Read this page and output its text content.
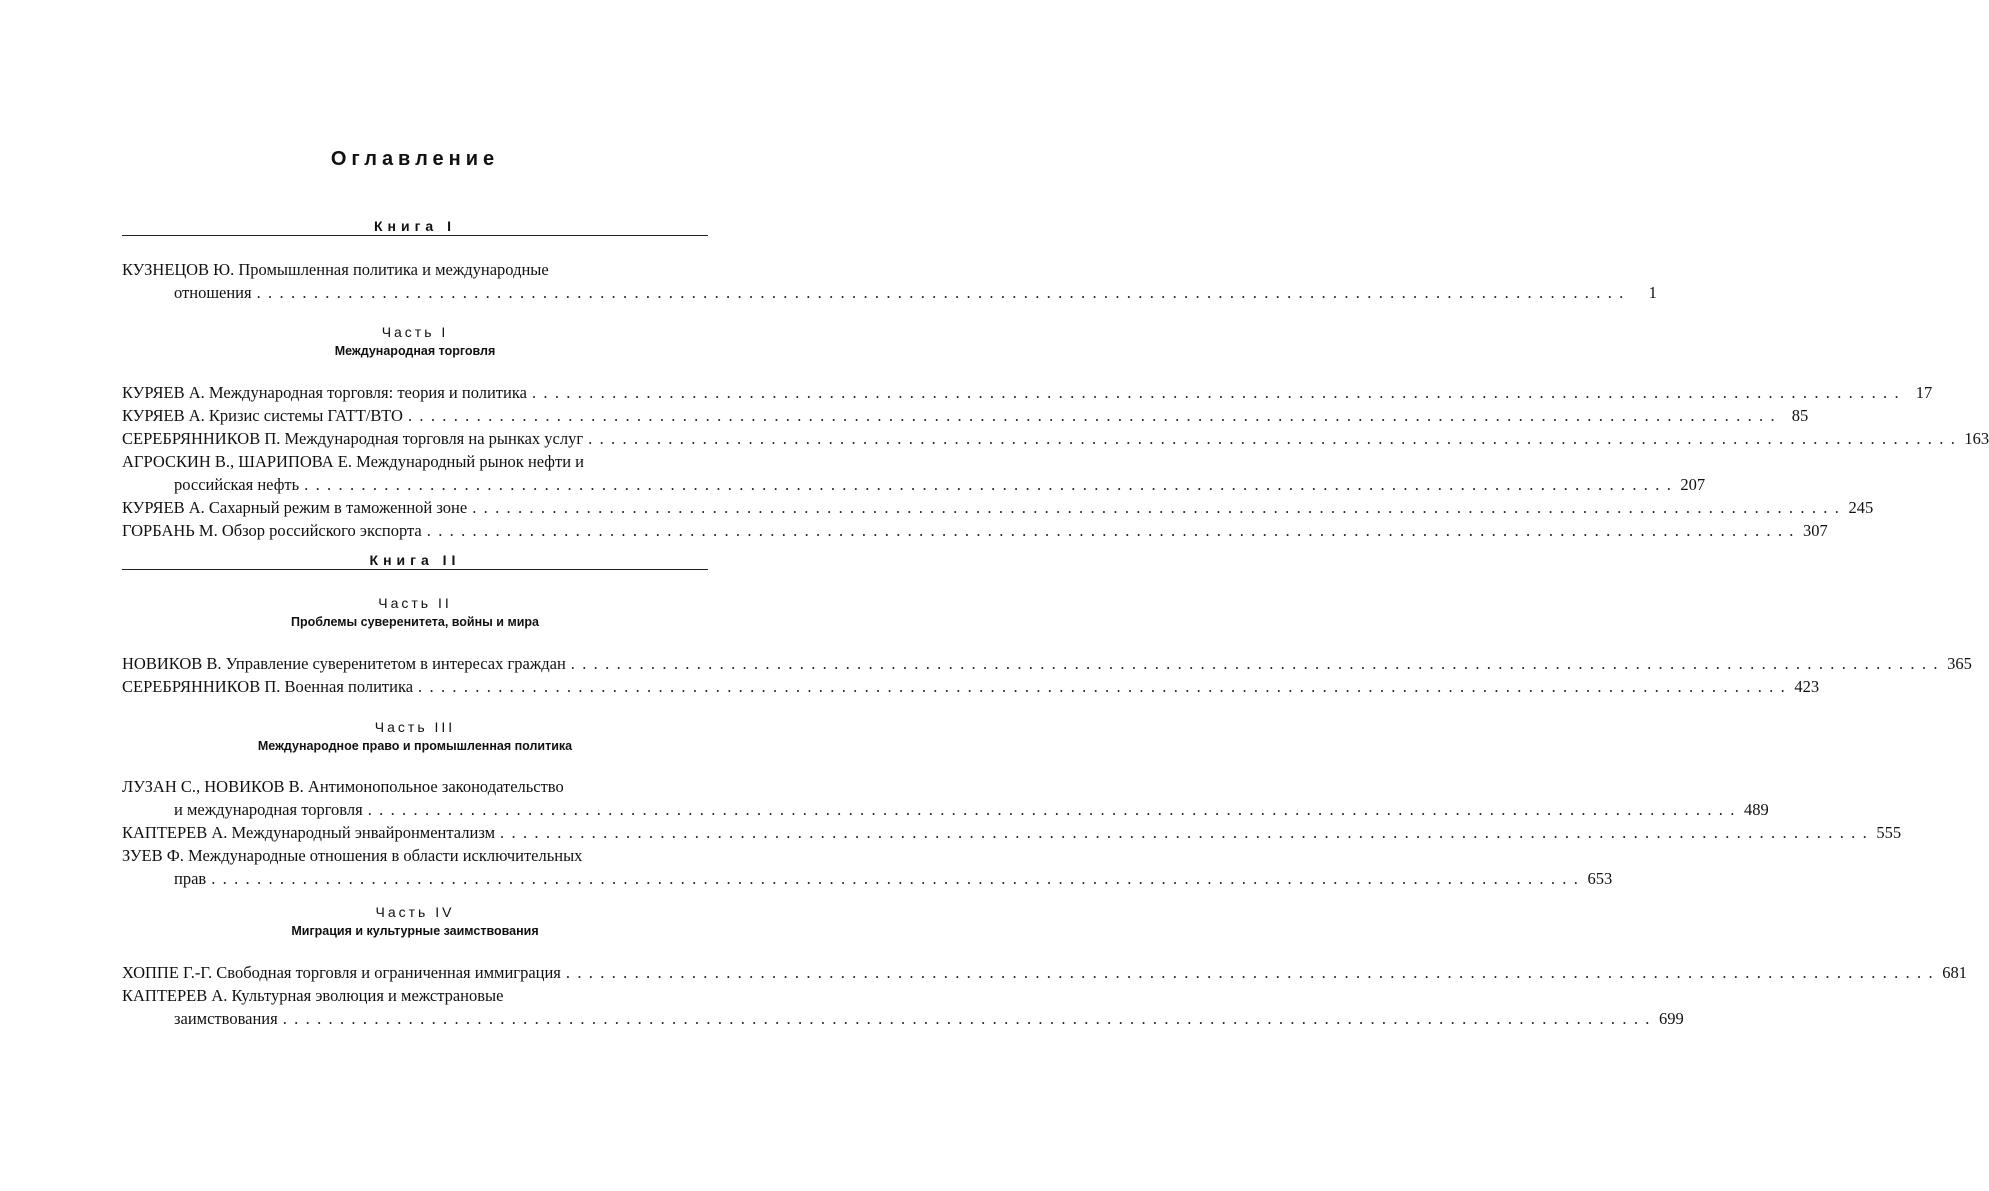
Оглавление
Книга I
КУЗНЕЦОВ Ю. Промышленная политика и международные
отношения . . . . . . . . . . . . . . . . . . . . . . . . . . . . . . . . . . . . . . . . . . . . . . . . . . . . . . . . . . . . . . . . . . . . . . . . . . . . . . . . . . . . . . . . . . . . . . . . . . . . . . . . . . . . . . . . . . . . . . . .	1
Часть I
Международная торговля
КУРЯЕВ А. Международная торговля: теория и политика . . . . . . . . . . . . . . . . . . . . . . . . . . . . . . . . . . . . . . . . . . . . . . . . . . . . . . . . . . . . . . . . . . . . . . . . . . . . . . . . . . . . . . . . . . . . . . . . . . . . . . . . . . . . . . . . . . . . . . . . 17
КУРЯЕВ А. Кризис системы ГАТТ/ВТО . . . . . . . . . . . . . . . . . . . . . . . . . . . . . . . . . . . . . . . . . . . . . . . . . . . . . . . . . . . . . . . . . . . . . . . . . . . . . . . . . . . . . . . . . . . . . . . . . . . . . . . . . . . . . . . . . . . . . . . . 85
СЕРЕБРЯННИКОВ П. Международная торговля на рынках услуг . . . . . . . . . . . . . . . . . . . . . . . . . . . . . . . . . . . . . . . . . . . . . . . . . . . . . . . . . . . . . . . . . . . . . . . . . . . . . . . . . . . . . . . . . . . . . . . . . . . . . . . . . . . . . . . . . . . . . . . . 163
АГРОСКИН В., ШАРИПОВА Е. Международный рынок нефти и
российская нефть . . . . . . . . . . . . . . . . . . . . . . . . . . . . . . . . . . . . . . . . . . . . . . . . . . . . . . . . . . . . . . . . . . . . . . . . . . . . . . . . . . . . . . . . . . . . . . . . . . . . . . . . . . . . . . . . . . . . . . . . 207
КУРЯЕВ А. Сахарный режим в таможенной зоне . . . . . . . . . . . . . . . . . . . . . . . . . . . . . . . . . . . . . . . . . . . . . . . . . . . . . . . . . . . . . . . . . . . . . . . . . . . . . . . . . . . . . . . . . . . . . . . . . . . . . . . . . . . . . . . . . . . . . . . . 245
ГОРБАНЬ М. Обзор российского экспорта . . . . . . . . . . . . . . . . . . . . . . . . . . . . . . . . . . . . . . . . . . . . . . . . . . . . . . . . . . . . . . . . . . . . . . . . . . . . . . . . . . . . . . . . . . . . . . . . . . . . . . . . . . . . . . . . . . . . . . . . 307
Книга II
Часть II
Проблемы суверенитета, войны и мира
НОВИКОВ В. Управление суверенитетом в интересах граждан . . . . . . . . . . . . . . . . . . . . . . . . . . . . . . . . . . . . . . . . . . . . . . . . . . . . . . . . . . . . . . . . . . . . . . . . . . . . . . . . . . . . . . . . . . . . . . . . . . . . . . . . . . . . . . . . . . . . . . . . 365
СЕРЕБРЯННИКОВ П. Военная политика . . . . . . . . . . . . . . . . . . . . . . . . . . . . . . . . . . . . . . . . . . . . . . . . . . . . . . . . . . . . . . . . . . . . . . . . . . . . . . . . . . . . . . . . . . . . . . . . . . . . . . . . . . . . . . . . . . . . . . . . 423
Часть III
Международное право и промышленная политика
ЛУЗАН С., НОВИКОВ В. Антимонопольное законодательство
и международная торговля . . . . . . . . . . . . . . . . . . . . . . . . . . . . . . . . . . . . . . . . . . . . . . . . . . . . . . . . . . . . . . . . . . . . . . . . . . . . . . . . . . . . . . . . . . . . . . . . . . . . . . . . . . . . . . . . . . . . . . . . 489
КАПТЕРЕВ А. Международный энвайронментализм . . . . . . . . . . . . . . . . . . . . . . . . . . . . . . . . . . . . . . . . . . . . . . . . . . . . . . . . . . . . . . . . . . . . . . . . . . . . . . . . . . . . . . . . . . . . . . . . . . . . . . . . . . . . . . . . . . . . . . . . 555
ЗУЕВ Ф. Международные отношения в области исключительных
прав . . . . . . . . . . . . . . . . . . . . . . . . . . . . . . . . . . . . . . . . . . . . . . . . . . . . . . . . . . . . . . . . . . . . . . . . . . . . . . . . . . . . . . . . . . . . . . . . . . . . . . . . . . . . . . . . . . . . . . . . 653
Часть IV
Миграция и культурные заимствования
ХОППЕ Г.-Г. Свободная торговля и ограниченная иммиграция . . . . . . . . . . . . . . . . . . . . . . . . . . . . . . . . . . . . . . . . . . . . . . . . . . . . . . . . . . . . . . . . . . . . . . . . . . . . . . . . . . . . . . . . . . . . . . . . . . . . . . . . . . . . . . . . . . . . . . . . 681
КАПТЕРЕВ А. Культурная эволюция и межстрановые
заимствования . . . . . . . . . . . . . . . . . . . . . . . . . . . . . . . . . . . . . . . . . . . . . . . . . . . . . . . . . . . . . . . . . . . . . . . . . . . . . . . . . . . . . . . . . . . . . . . . . . . . . . . . . . . . . . . . . . . . . . . . 699
